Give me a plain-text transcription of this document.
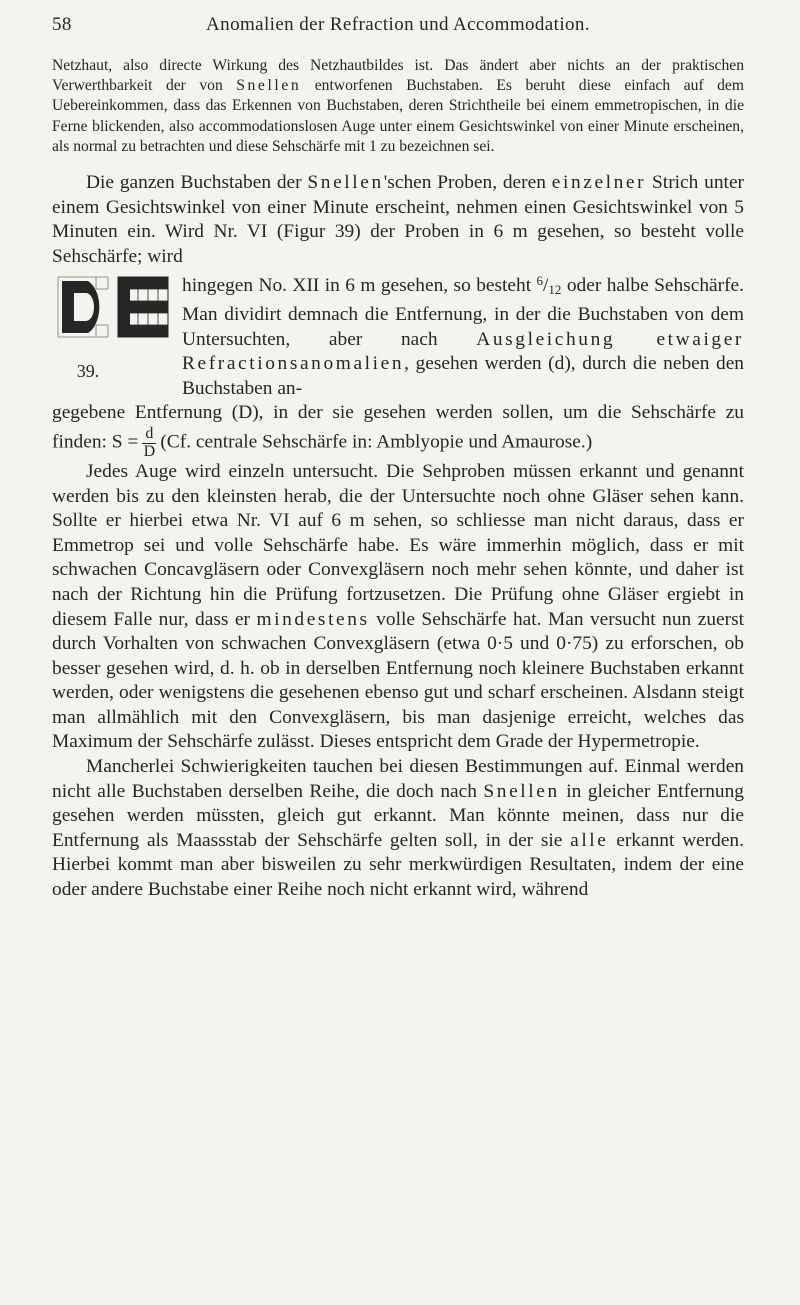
58	Anomalien der Refraction und Accommodation.

Netzhaut, also directe Wirkung des Netzhautbildes ist. Das ändert aber nichts an der praktischen Verwerthbarkeit der von Snellen entworfenen Buchstaben. Es beruht diese einfach auf dem Uebereinkommen, dass das Erkennen von Buchstaben, deren Strichtheile bei einem emmetropischen, in die Ferne blickenden, also accommodationslosen Auge unter einem Gesichtswinkel von einer Minute erscheinen, als normal zu betrachten und diese Sehschärfe mit 1 zu bezeichnen sei.

Die ganzen Buchstaben der Snellen'schen Proben, deren einzelner Strich unter einem Gesichtswinkel von einer Minute erscheint, nehmen einen Gesichtswinkel von 5 Minuten ein. Wird Nr. VI (Figur 39) der Proben in 6 m gesehen, so besteht volle Sehschärfe; wird

39.
hingegen No. XII in 6 m gesehen, so besteht $^6/_{12}$ oder halbe Sehschärfe. Man dividirt demnach die Entfernung, in der die Buchstaben von dem Untersuchten, aber nach Ausgleichung etwaiger Refractionsanomalien, gesehen werden (d), durch die neben den Buchstaben an-

gegebene Entfernung (D), in der sie gesehen werden sollen, um die Sehschärfe zu finden: $S = \frac{d}{D} (Cf$. centrale Sehschärfe in: Amblyopie und Amaurose.)

Jedes Auge wird einzeln untersucht. Die Sehproben müssen erkannt und genannt werden bis zu den kleinsten herab, die der Untersuchte noch ohne Gläser sehen kann. Sollte er hierbei etwa Nr. VI auf 6 m sehen, so schliesse man nicht daraus, dass er Emmetrop sei und volle Sehschärfe habe. Es wäre immerhin möglich, dass er mit schwachen Concavgläsern oder Convexgläsern noch mehr sehen könnte, und daher ist nach der Richtung hin die Prüfung fortzusetzen. Die Prüfung ohne Gläser ergiebt in diesem Falle nur, dass er mindestens volle Sehschärfe hat. Man versucht nun zuerst durch Vorhalten von schwachen Convexgläsern (etwa 0·5 und 0·75) zu erforschen, ob besser gesehen wird, d. h. ob in derselben Entfernung noch kleinere Buchstaben erkannt werden, oder wenigstens die gesehenen ebenso gut und scharf erscheinen. Alsdann steigt man allmählich mit den Convexgläsern, bis man dasjenige erreicht, welches das Maximum der Sehschärfe zulässt. Dieses entspricht dem Grade der Hypermetropie.

Mancherlei Schwierigkeiten tauchen bei diesen Bestimmungen auf. Einmal werden nicht alle Buchstaben derselben Reihe, die doch nach Snellen in gleicher Entfernung gesehen werden müssten, gleich gut erkannt. Man könnte meinen, dass nur die Entfernung als Maassstab der Sehschärfe gelten soll, in der sie alle erkannt werden. Hierbei kommt man aber bisweilen zu sehr merkwürdigen Resultaten, indem der eine oder andere Buchstabe einer Reihe noch nicht erkannt wird, während
